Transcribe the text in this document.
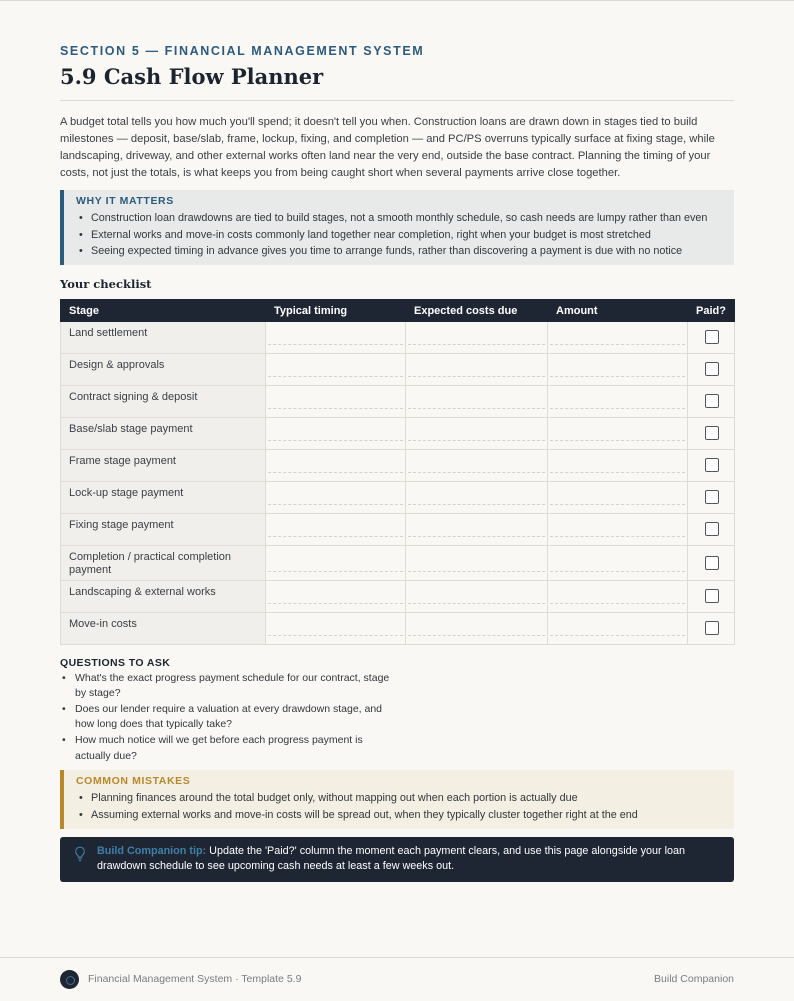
SECTION 5 — FINANCIAL MANAGEMENT SYSTEM
5.9 Cash Flow Planner

A budget total tells you how much you'll spend; it doesn't tell you when. Construction loans are drawn down in stages tied to build milestones — deposit, base/slab, frame, lockup, fixing, and completion — and PC/PS overruns typically surface at fixing stage, while landscaping, driveway, and other external works often land near the very end, outside the base contract. Planning the timing of your costs, not just the totals, is what keeps you from being caught short when several payments arrive close together.

WHY IT MATTERS
• Construction loan drawdowns are tied to build stages, not a smooth monthly schedule, so cash needs are lumpy rather than even
• External works and move-in costs commonly land together near completion, right when your budget is most stretched
• Seeing expected timing in advance gives you time to arrange funds, rather than discovering a payment is due with no notice
Your checklist
Stage	Typical timing	Expected costs due	Amount	Paid?
Land settlement				
Design & approvals				
Contract signing & deposit				
Base/slab stage payment				
Frame stage payment				
Lock-up stage payment				
Fixing stage payment				
Completion / practical completion payment				
Landscaping & external works				
Move-in costs				
QUESTIONS TO ASK
• What's the exact progress payment schedule for our contract, stage by stage?
• Does our lender require a valuation at every drawdown stage, and how long does that typically take?
• How much notice will we get before each progress payment is actually due?
COMMON MISTAKES
• Planning finances around the total budget only, without mapping out when each portion is actually due
• Assuming external works and move-in costs will be spread out, when they typically cluster together right at the end

Build Companion tip: Update the 'Paid?' column the moment each payment clears, and use this page alongside your loan drawdown schedule to see upcoming cash needs at least a few weeks out.

Financial Management System · Template 5.9	Build Companion
